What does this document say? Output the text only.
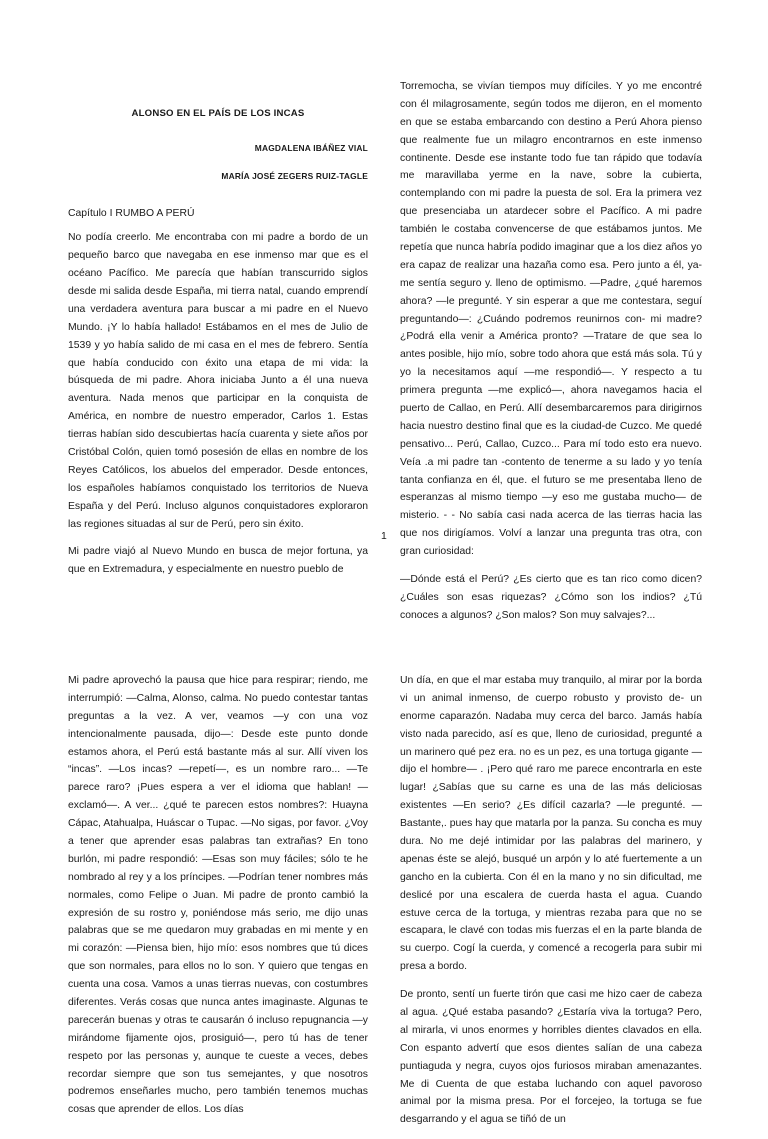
ALONSO EN EL PAÍS DE LOS INCAS
MAGDALENA IBÁÑEZ VIAL
MARÍA JOSÉ ZEGERS RUIZ-TAGLE
Capítulo I RUMBO A PERÚ

No podía creerlo. Me encontraba con mi padre a bordo de un pequeño barco que navegaba en ese inmenso mar que es el océano Pacífico. Me parecía que habían transcurrido siglos desde mi salida desde España, mi tierra natal, cuando emprendí una verdadera aventura para buscar a mi padre en el Nuevo Mundo. ¡Y lo había hallado! Estábamos en el mes de Julio de 1539 y yo había salido de mi casa en el mes de febrero. Sentía que había conducido con éxito una etapa de mi vida: la búsqueda de mi padre. Ahora iniciaba Junto a él una nueva aventura. Nada menos que participar en la conquista de América, en nombre de nuestro emperador, Carlos 1. Estas tierras habían sido descubiertas hacía cuarenta y siete años por Cristóbal Colón, quien tomó posesión de ellas en nombre de los Reyes Católicos, los abuelos del emperador. Desde entonces, los españoles habíamos conquistado los territorios de Nueva España y del Perú. Incluso algunos conquistadores exploraron las regiones situadas al sur de Perú, pero sin éxito.

Mi padre viajó al Nuevo Mundo en busca de mejor fortuna, ya que en Extremadura, y especialmente en nuestro pueblo de

Torremocha, se vivían tiempos muy difíciles. Y yo me encontré con él milagrosamente, según todos me dijeron, en el momento en que se estaba embarcando con destino a Perú Ahora pienso que realmente fue un milagro encontrarnos en este inmenso continente. Desde ese instante todo fue tan rápido que todavía me maravillaba yerme en la nave, sobre la cubierta, contemplando con mi padre la puesta de sol. Era la primera vez que presenciaba un atardecer sobre el Pacífico. A mi padre también le costaba convencerse de que estábamos juntos. Me repetía que nunca habría podido imaginar que a los diez años yo era capaz de realizar una hazaña como esa. Pero junto a él, ya- me sentía seguro y. lleno de optimismo. —Padre, ¿qué haremos ahora? —le pregunté. Y sin esperar a que me contestara, seguí preguntando—: ¿Cuándo podremos reunirnos con- mi madre? ¿Podrá ella venir a América pronto? —Tratare de que sea lo antes posible, hijo mío, sobre todo ahora que está más sola. Tú y yo la necesitamos aquí —me respondió—. Y respecto a tu primera pregunta —me explicó—, ahora navegamos hacia el puerto de Callao, en Perú. Allí desembarcaremos para dirigirnos hacia nuestro destino final que es la ciudad-de Cuzco. Me quedé pensativo... Perú, Callao, Cuzco... Para mí todo esto era nuevo. Veía .a mi padre tan -contento de tenerme a su lado y yo tenía tanta confianza en él, que. el futuro se me presentaba lleno de esperanzas al mismo tiempo —y eso me gustaba mucho— de misterio. - - No sabía casi nada acerca de las tierras hacia las que nos dirigíamos. Volví a lanzar una pregunta tras otra, con gran curiosidad:

—Dónde está el Perú? ¿Es cierto que es tan rico como dicen? ¿Cuáles son esas riquezas? ¿Cómo son los indios? ¿Tú conoces a algunos? ¿Son malos? Son muy salvajes?...

1

Mi padre aprovechó la pausa que hice para respirar; riendo, me interrumpió: —Calma, Alonso, calma. No puedo contestar tantas preguntas a la vez. A ver, veamos —y con una voz intencionalmente pausada, dijo—: Desde este punto donde estamos ahora, el Perú está bastante más al sur. Allí viven los “incas”. —Los incas? —repetí—, es un nombre raro... —Te parece raro? ¡Pues espera a ver el idioma que hablan! —exclamó—. A ver... ¿qué te parecen estos nombres?: Huayna Cápac, Atahualpa, Huáscar o Tupac. —No sigas, por favor. ¿Voy a tener que aprender esas palabras tan extrañas? En tono burlón, mi padre respondió: —Esas son muy fáciles; sólo te he nombrado al rey y a los príncipes. —Podrían tener nombres más normales, como Felipe o Juan. Mi padre de pronto cambió la expresión de su rostro y, poniéndose más serio, me dijo unas palabras que se me quedaron muy grabadas en mi mente y en mi corazón: —Piensa bien, hijo mío: esos nombres que tú dices que son normales, para ellos no lo son. Y quiero que tengas en cuenta una cosa. Vamos a unas tierras nuevas, con costumbres diferentes. Verás cosas que nunca antes imaginaste. Algunas te parecerán buenas y otras te causarán ó incluso repugnancia —y mirándome fijamente ojos, prosiguió—, pero tú has de tener respeto por las personas y, aunque te cueste a veces, debes recordar siempre que son tus semejantes, y que nosotros podremos enseñarles mucho, pero también tenemos muchas cosas que aprender de ellos. Los días

Un día, en que el mar estaba muy tranquilo, al mirar por la borda vi un animal inmenso, de cuerpo robusto y provisto de- un enorme caparazón. Nadaba muy cerca del barco. Jamás había visto nada parecido, así es que, lleno de curiosidad, pregunté a un marinero qué pez era. no es un pez, es una tortuga gigante —dijo el hombre— . ¡Pero qué raro me parece encontrarla en este lugar! ¿Sabías que su carne es una de las más deliciosas existentes —En serio? ¿Es difícil cazarla? —le pregunté. —Bastante,. pues hay que matarla por la panza. Su concha es muy dura. No me dejé intimidar por las palabras del marinero, y apenas éste se alejó, busqué un arpón y lo até fuertemente a un gancho en la cubierta. Con él en la mano y no sin dificultad, me deslicé por una escalera de cuerda hasta el agua. Cuando estuve cerca de la tortuga, y mientras rezaba para que no se escapara, le clavé con todas mis fuerzas el en la parte blanda de su cuerpo. Cogí la cuerda, y comencé a recogerla para subir mi presa a bordo.

De pronto, sentí un fuerte tirón que casi me hizo caer de cabeza al agua. ¿Qué estaba pasando? ¿Estaría viva la tortuga? Pero, al mirarla, vi unos enormes y horribles dientes clavados en ella. Con espanto advertí que esos dientes salían de una cabeza puntiaguda y negra, cuyos ojos furiosos miraban amenazantes. Me di Cuenta de que estaba luchando con aquel pavoroso animal por la misma presa. Por el forcejeo, la tortuga se fue desgarrando y el agua se tiñó de un
